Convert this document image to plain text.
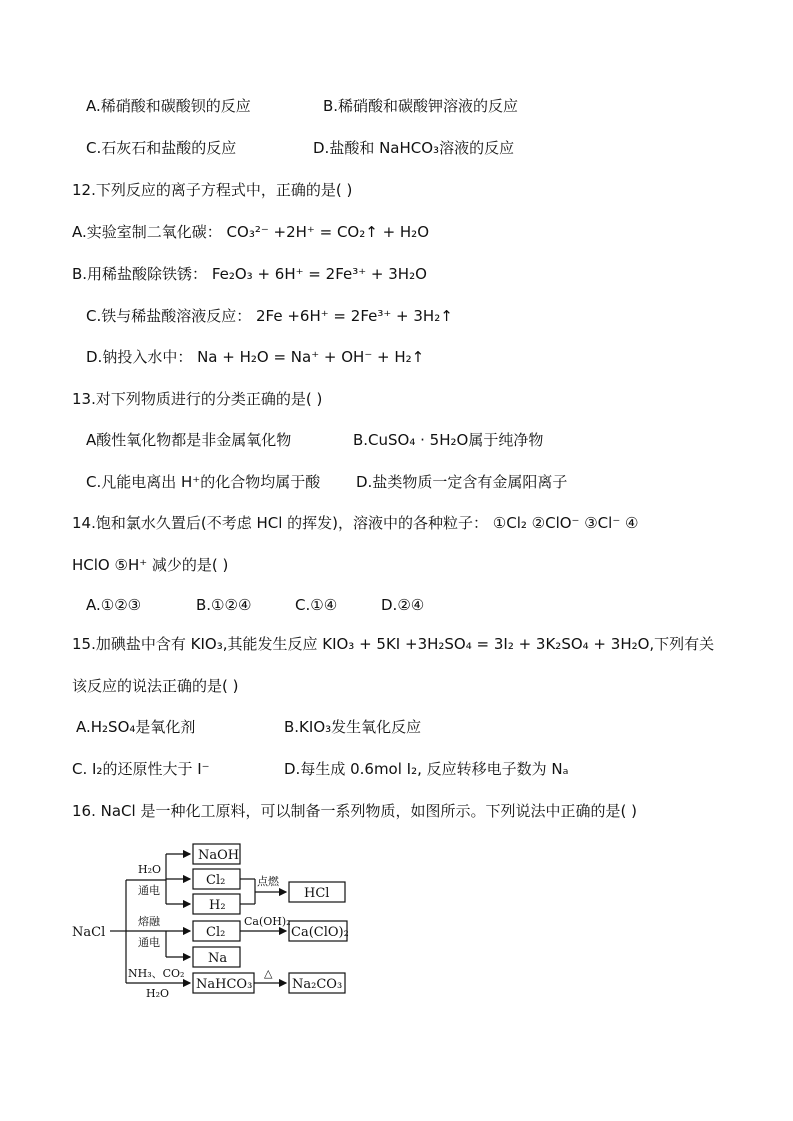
A.稀硝酸和碳酸钡的反应	B.稀硝酸和碳酸钾溶液的反应
C.石灰石和盐酸的反应	D.盐酸和 NaHCO₃溶液的反应
12.下列反应的离子方程式中，正确的是( )
A.实验室制二氧化碳： CO₃²⁻ +2H⁺ = CO₂↑ + H₂O
B.用稀盐酸除铁锈： Fe₂O₃ + 6H⁺ = 2Fe³⁺ + 3H₂O
C.铁与稀盐酸溶液反应： 2Fe +6H⁺ = 2Fe³⁺ + 3H₂↑
D.钠投入水中： Na + H₂O = Na⁺ + OH⁻ + H₂↑
13.对下列物质进行的分类正确的是( )
A酸性氧化物都是非金属氧化物	B.CuSO₄ · 5H₂O属于纯净物
C.凡能电离出 H⁺的化合物均属于酸 D.盐类物质一定含有金属阳离子
14.饱和氯水久置后(不考虑 HCl 的挥发)，溶液中的各种粒子： ①Cl₂ ②ClO⁻ ③Cl⁻ ④
HClO ⑤H⁺ 减少的是( )
A.①②③	B.①②④	C.①④	D.②④
15.加碘盐中含有 KIO₃,其能发生反应 KIO₃ + 5KI +3H₂SO₄ = 3I₂ + 3K₂SO₄ + 3H₂O,下列有关
该反应的说法正确的是( )
A.H₂SO₄是氧化剂	B.KIO₃发生氧化反应
C. I₂的还原性大于 I⁻	D.每生成 0.6mol I₂, 反应转移电子数为 Nₐ
16. NaCl 是一种化工原料，可以制备一系列物质，如图所示。下列说法中正确的是( )
NaCl
H₂O
通电
熔融
通电
NH₃、CO₂
H₂O
点燃
Ca(OH)₂
△
NaOH
Cl₂
H₂
HCl
Cl₂	Ca(ClO)₂
Na
NaHCO₃	Na₂CO₃
